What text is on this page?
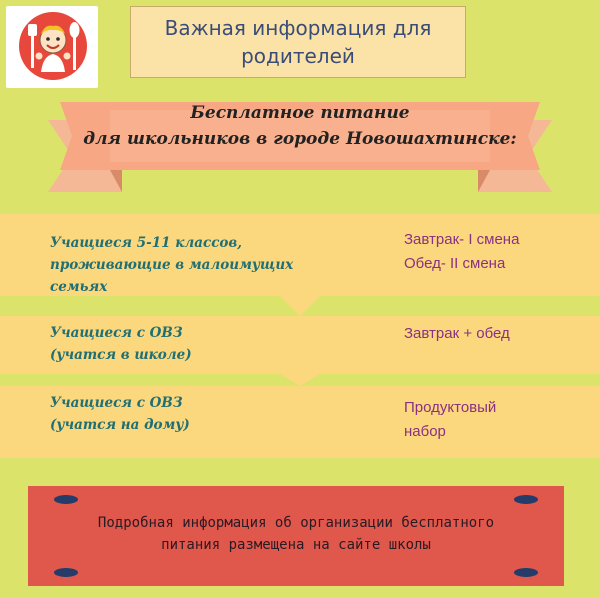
Важная информация для
родителей
Бесплатное питание
для школьников в городе Новошахтинске:
Учащиеся 5-11 классов,
проживающие в малоимущих
семьях
Завтрак- I смена
Обед- II смена
Учащиеся с ОВЗ
(учатся в школе)
Завтрак + обед
Учащиеся с ОВЗ
(учатся на дому)
Продуктовый
набор
Подробная информация об организации бесплатного
питания размещена на сайте школы
